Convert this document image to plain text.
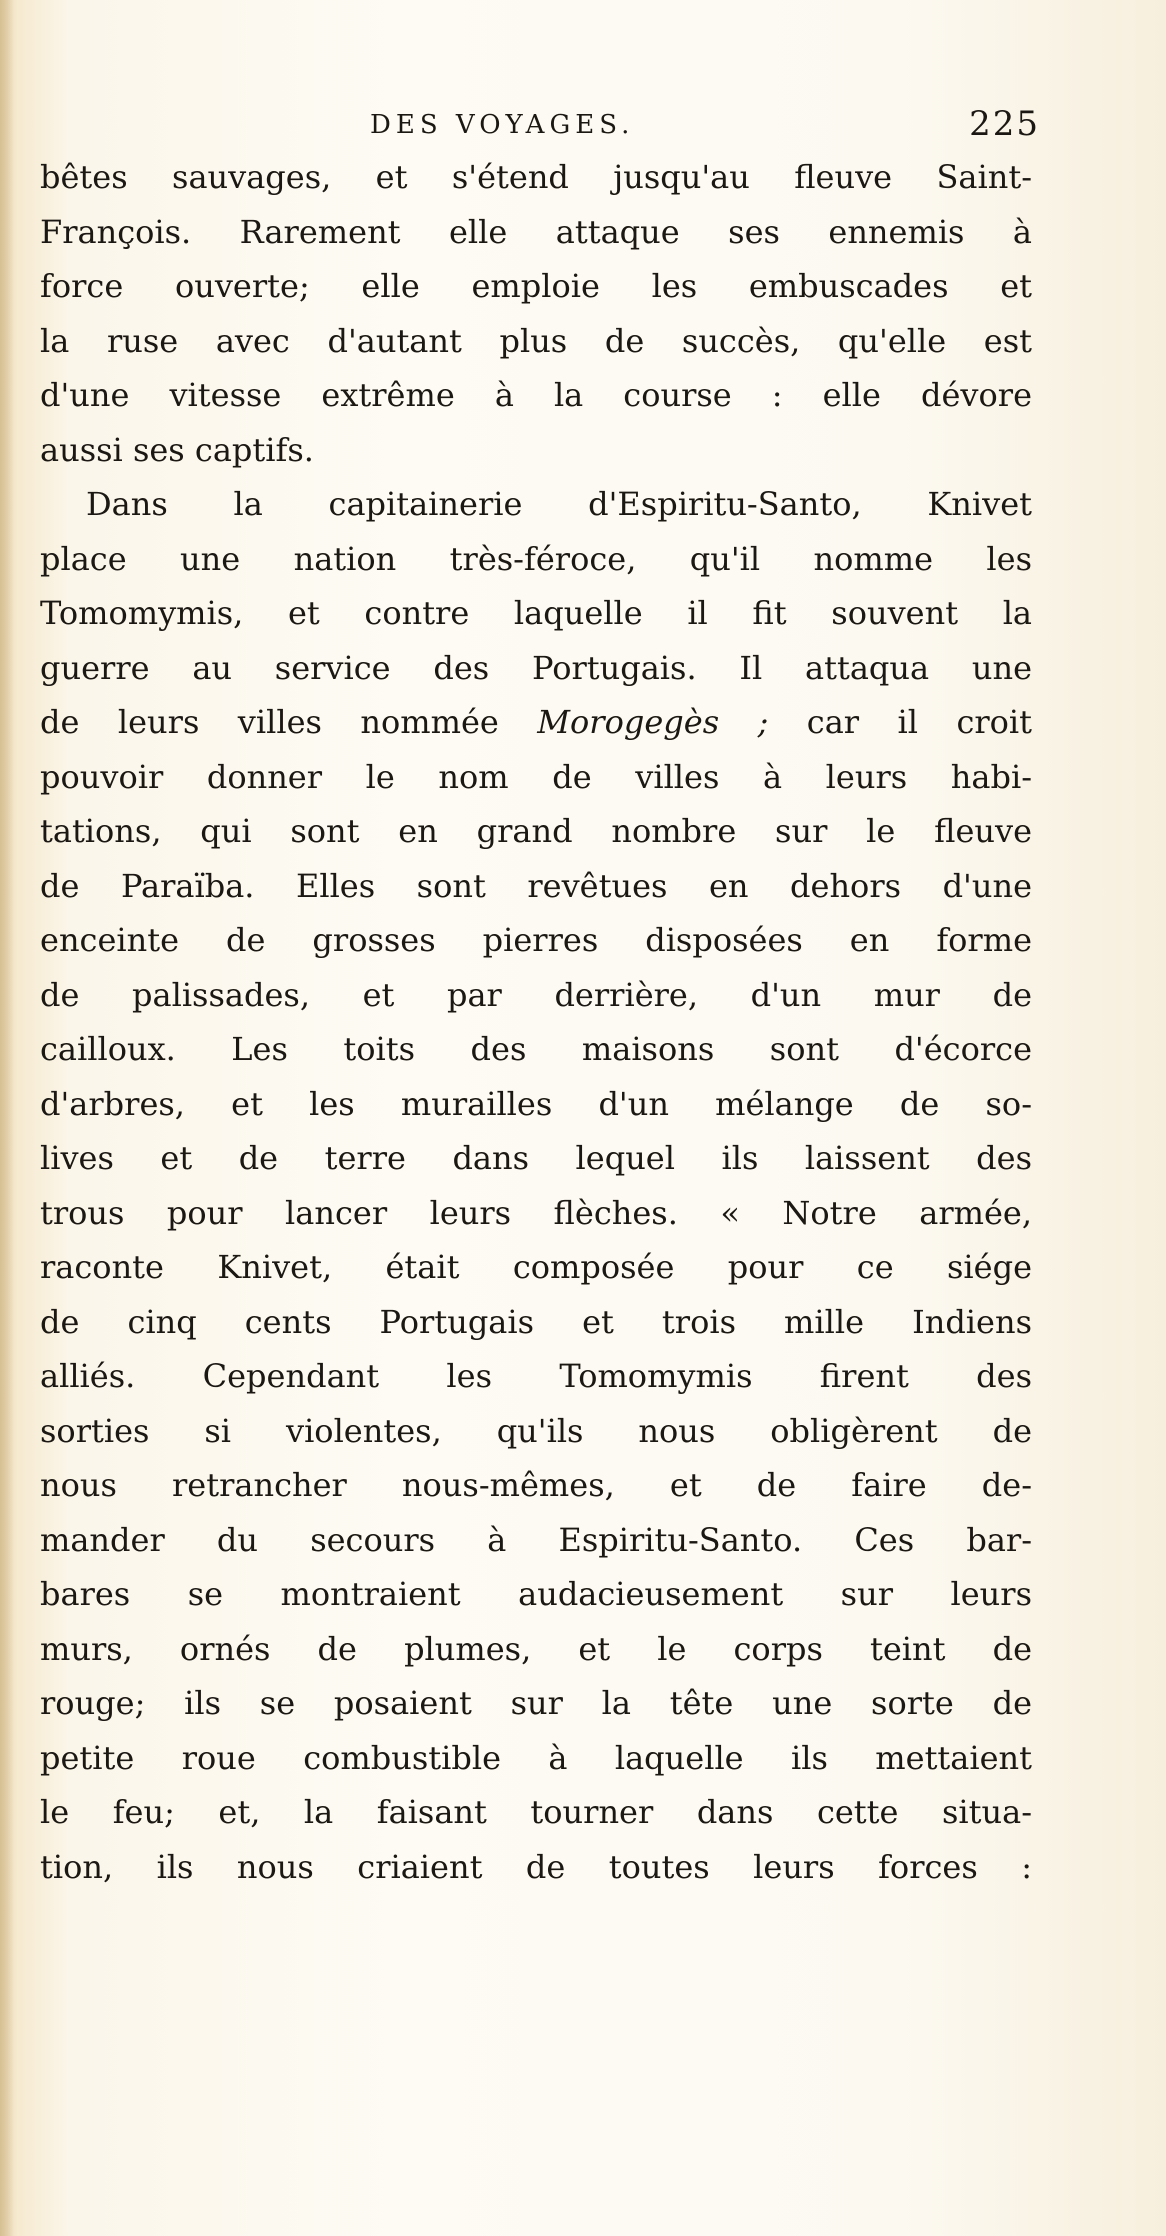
DES VOYAGES.	225
bêtes sauvages, et s'étend jusqu'au fleuve Saint-
François. Rarement elle attaque ses ennemis à
force ouverte; elle emploie les embuscades et
la ruse avec d'autant plus de succès, qu'elle est
d'une vitesse extrême à la course : elle dévore
aussi ses captifs.
Dans la capitainerie d'Espiritu-Santo, Knivet
place une nation très-féroce, qu'il nomme les
Tomomymis, et contre laquelle il fit souvent la
guerre au service des Portugais. Il attaqua une
de leurs villes nommée Morogegès ; car il croit
pouvoir donner le nom de villes à leurs habi-
tations, qui sont en grand nombre sur le fleuve
de Paraïba. Elles sont revêtues en dehors d'une
enceinte de grosses pierres disposées en forme
de palissades, et par derrière, d'un mur de
cailloux. Les toits des maisons sont d'écorce
d'arbres, et les murailles d'un mélange de so-
lives et de terre dans lequel ils laissent des
trous pour lancer leurs flèches. « Notre armée,
raconte Knivet, était composée pour ce siége
de cinq cents Portugais et trois mille Indiens
alliés. Cependant les Tomomymis firent des
sorties si violentes, qu'ils nous obligèrent de
nous retrancher nous-mêmes, et de faire de-
mander du secours à Espiritu-Santo. Ces bar-
bares se montraient audacieusement sur leurs
murs, ornés de plumes, et le corps teint de
rouge; ils se posaient sur la tête une sorte de
petite roue combustible à laquelle ils mettaient
le feu; et, la faisant tourner dans cette situa-
tion, ils nous criaient de toutes leurs forces :
